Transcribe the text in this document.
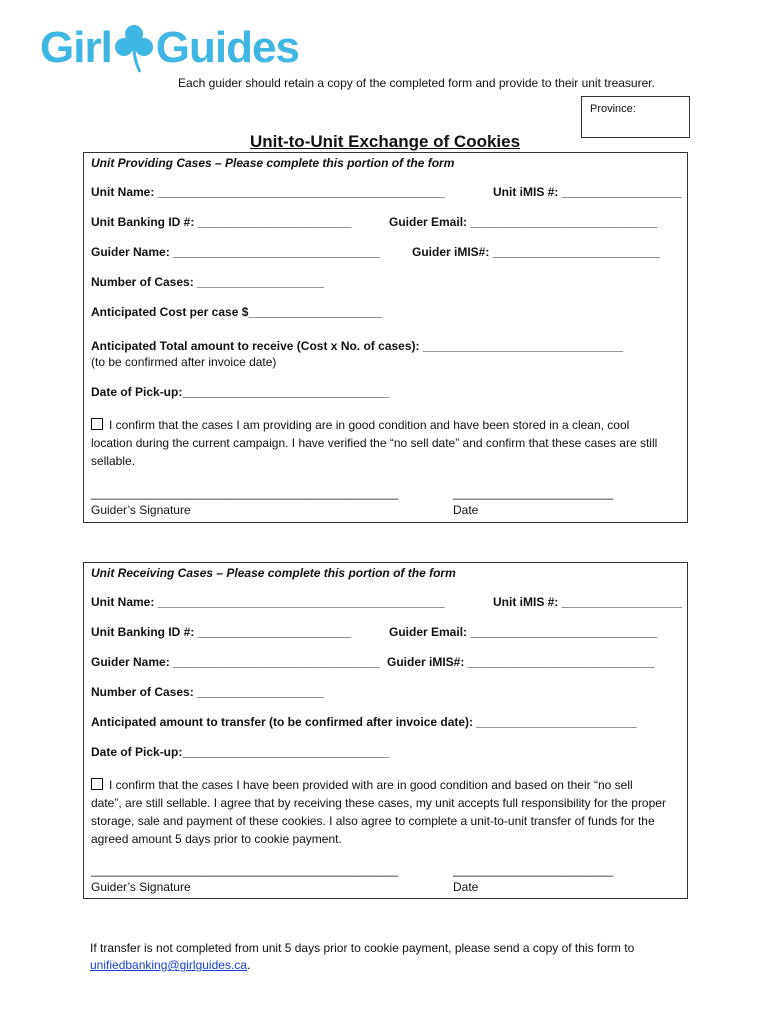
Girl Guides
Each guider should retain a copy of the completed form and provide to their unit treasurer.
Province:
Unit-to-Unit Exchange of Cookies
Unit Providing Cases – Please complete this portion of the form
Unit Name: ___________________________________________	Unit iMIS #: __________________
Unit Banking ID #: _______________________	Guider Email: ____________________________
Guider Name: _______________________________	Guider iMIS#: _________________________
Number of Cases: ___________________
Anticipated Cost per case $____________________
Anticipated Total amount to receive (Cost x No. of cases): ______________________________
(to be confirmed after invoice date)
Date of Pick-up:_______________________________
I confirm that the cases I am providing are in good condition and have been stored in a clean, cool location during the current campaign. I have verified the “no sell date” and confirm that these cases are still sellable.
______________________________________________	________________________
Guider’s Signature	Date
Unit Receiving Cases – Please complete this portion of the form
Unit Name: ___________________________________________	Unit iMIS #: __________________
Unit Banking ID #: _______________________	Guider Email: ____________________________
Guider Name: _______________________________ Guider iMIS#: ____________________________
Number of Cases: ___________________
Anticipated amount to transfer (to be confirmed after invoice date): ________________________
Date of Pick-up:_______________________________
I confirm that the cases I have been provided with are in good condition and based on their “no sell date”, are still sellable. I agree that by receiving these cases, my unit accepts full responsibility for the proper storage, sale and payment of these cookies. I also agree to complete a unit-to-unit transfer of funds for the agreed amount 5 days prior to cookie payment.
______________________________________________	________________________
Guider’s Signature	Date
If transfer is not completed from unit 5 days prior to cookie payment, please send a copy of this form to unifiedbanking@girlguides.ca.
